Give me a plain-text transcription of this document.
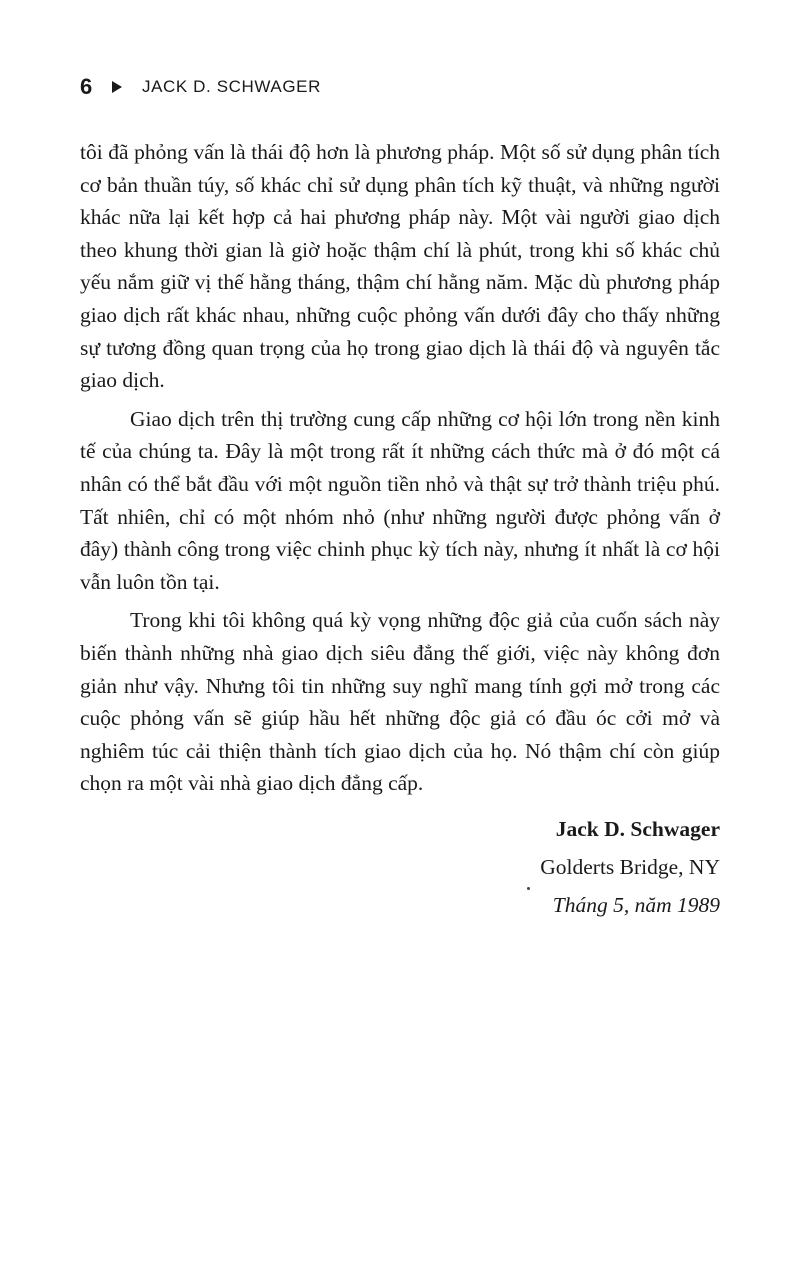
6	JACK D. SCHWAGER

tôi đã phỏng vấn là thái độ hơn là phương pháp. Một số sử dụng phân tích cơ bản thuần túy, số khác chỉ sử dụng phân tích kỹ thuật, và những người khác nữa lại kết hợp cả hai phương pháp này. Một vài người giao dịch theo khung thời gian là giờ hoặc thậm chí là phút, trong khi số khác chủ yếu nắm giữ vị thế hằng tháng, thậm chí hằng năm. Mặc dù phương pháp giao dịch rất khác nhau, những cuộc phỏng vấn dưới đây cho thấy những sự tương đồng quan trọng của họ trong giao dịch là thái độ và nguyên tắc giao dịch.

Giao dịch trên thị trường cung cấp những cơ hội lớn trong nền kinh tế của chúng ta. Đây là một trong rất ít những cách thức mà ở đó một cá nhân có thể bắt đầu với một nguồn tiền nhỏ và thật sự trở thành triệu phú. Tất nhiên, chỉ có một nhóm nhỏ (như những người được phỏng vấn ở đây) thành công trong việc chinh phục kỳ tích này, nhưng ít nhất là cơ hội vẫn luôn tồn tại.

Trong khi tôi không quá kỳ vọng những độc giả của cuốn sách này biến thành những nhà giao dịch siêu đẳng thế giới, việc này không đơn giản như vậy. Nhưng tôi tin những suy nghĩ mang tính gợi mở trong các cuộc phỏng vấn sẽ giúp hầu hết những độc giả có đầu óc cởi mở và nghiêm túc cải thiện thành tích giao dịch của họ. Nó thậm chí còn giúp chọn ra một vài nhà giao dịch đẳng cấp.

Jack D. Schwager
Golderts Bridge, NY
Tháng 5, năm 1989
